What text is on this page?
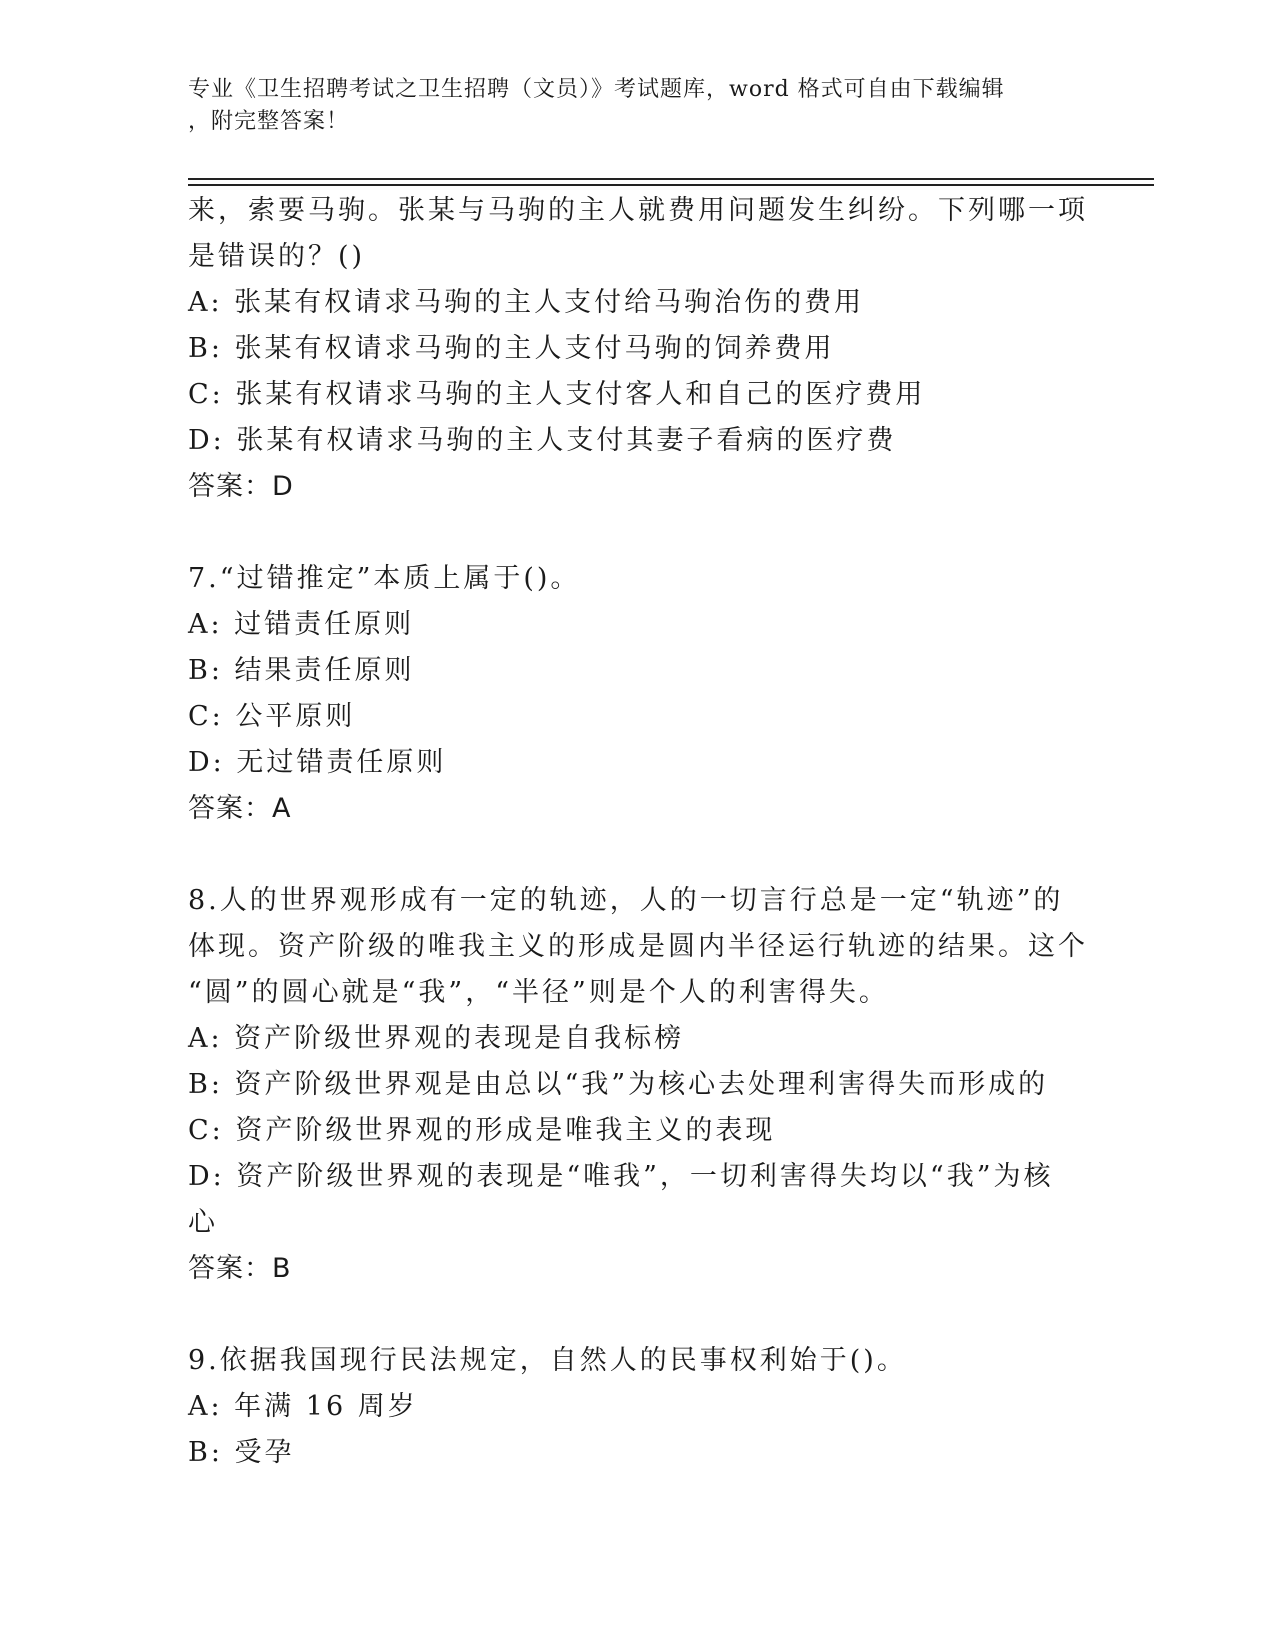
专业《卫生招聘考试之卫生招聘（文员）》考试题库，word 格式可自由下载编辑
，附完整答案！
来，索要马驹。张某与马驹的主人就费用问题发生纠纷。下列哪一项
是错误的？()
A: 张某有权请求马驹的主人支付给马驹治伤的费用
B: 张某有权请求马驹的主人支付马驹的饲养费用
C: 张某有权请求马驹的主人支付客人和自己的医疗费用
D: 张某有权请求马驹的主人支付其妻子看病的医疗费
答案：D
7.“过错推定”本质上属于()。
A: 过错责任原则
B: 结果责任原则
C: 公平原则
D: 无过错责任原则
答案：A
8.人的世界观形成有一定的轨迹，人的一切言行总是一定“轨迹”的
体现。资产阶级的唯我主义的形成是圆内半径运行轨迹的结果。这个
“圆”的圆心就是“我”，“半径”则是个人的利害得失。
A: 资产阶级世界观的表现是自我标榜
B: 资产阶级世界观是由总以“我”为核心去处理利害得失而形成的
C: 资产阶级世界观的形成是唯我主义的表现
D: 资产阶级世界观的表现是“唯我”，一切利害得失均以“我”为核
心
答案：B
9.依据我国现行民法规定，自然人的民事权利始于()。
A: 年满 16 周岁
B: 受孕
